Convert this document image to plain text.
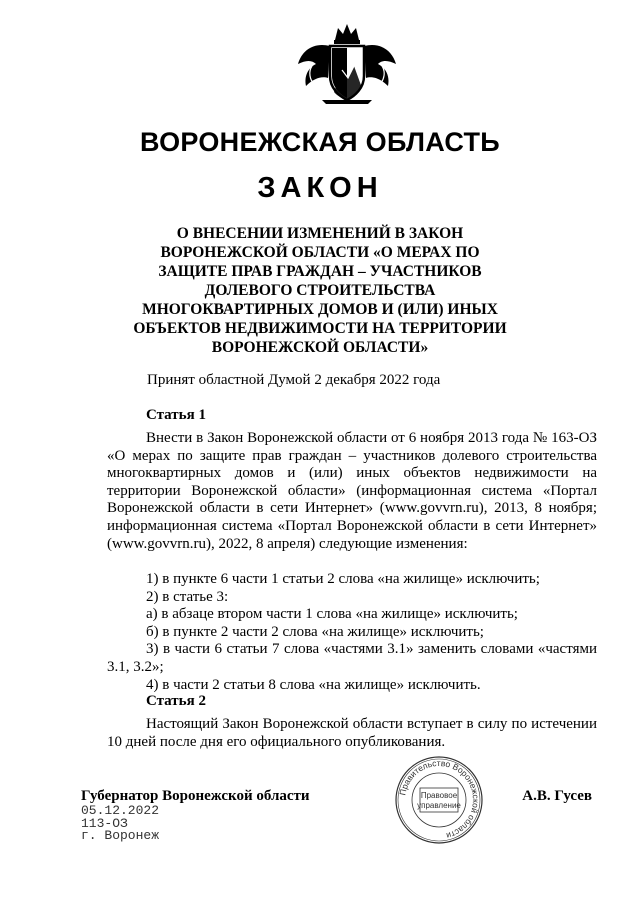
ВОРОНЕЖСКАЯ ОБЛАСТЬ
ЗАКОН
О ВНЕСЕНИИ ИЗМЕНЕНИЙ В ЗАКОН
ВОРОНЕЖСКОЙ ОБЛАСТИ «О МЕРАХ ПО
ЗАЩИТЕ ПРАВ ГРАЖДАН – УЧАСТНИКОВ
ДОЛЕВОГО СТРОИТЕЛЬСТВА
МНОГОКВАРТИРНЫХ ДОМОВ И (ИЛИ) ИНЫХ
ОБЪЕКТОВ НЕДВИЖИМОСТИ НА ТЕРРИТОРИИ
ВОРОНЕЖСКОЙ ОБЛАСТИ»
Принят областной Думой 2 декабря 2022 года
Статья 1
Внести в Закон Воронежской области от 6 ноября 2013 года № 163-ОЗ «О мерах по защите прав граждан – участников долевого строительства многоквартирных домов и (или) иных объектов недвижимости на территории Воронежской области» (информационная система «Портал Воронежской области в сети Интернет» (www.govvrn.ru), 2013, 8 ноября; информационная система «Портал Воронежской области в сети Интернет» (www.govvrn.ru), 2022, 8 апреля) следующие изменения:
1) в пункте 6 части 1 статьи 2 слова «на жилище» исключить;
2) в статье 3:
а) в абзаце втором части 1 слова «на жилище» исключить;
б) в пункте 2 части 2 слова «на жилище» исключить;
3) в части 6 статьи 7 слова «частями 3.1» заменить словами «частями 3.1, 3.2»;
4) в части 2 статьи 8 слова «на жилище» исключить.
Статья 2
Настоящий Закон Воронежской области вступает в силу по истечении 10 дней после дня его официального опубликования.
Губернатор Воронежской области	А.В. Гусев
05.12.2022
113-ОЗ
г. Воронеж
Правительство Воронежской области
Правовое
управление
